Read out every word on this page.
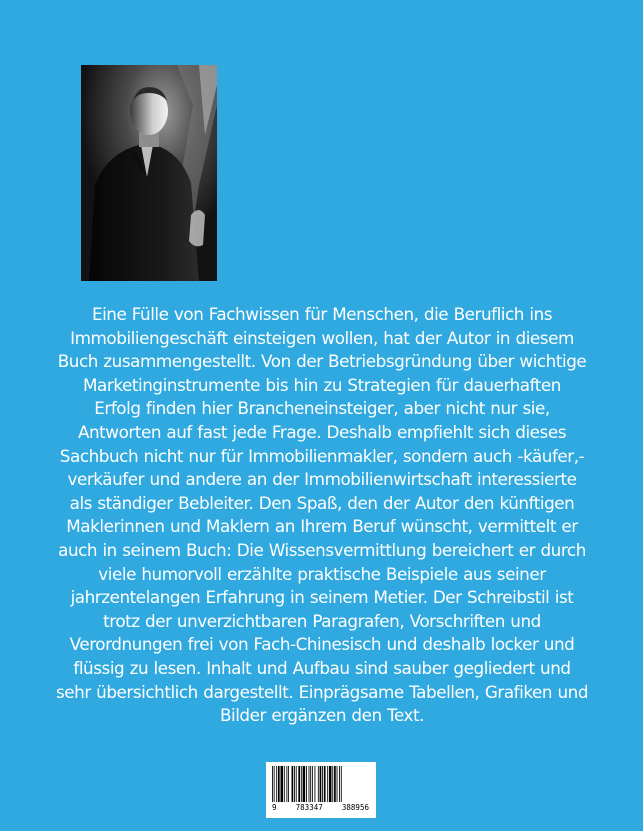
Eine Fülle von Fachwissen für Menschen, die Beruflich ins
Immobiliengeschäft einsteigen wollen, hat der Autor in diesem
Buch zusammengestellt. Von der Betriebsgründung über wichtige
Marketinginstrumente bis hin zu Strategien für dauerhaften
Erfolg finden hier Brancheneinsteiger, aber nicht nur sie,
Antworten auf fast jede Frage. Deshalb empfiehlt sich dieses
Sachbuch nicht nur für Immobilienmakler, sondern auch -käufer,-
verkäufer und andere an der Immobilienwirtschaft interessierte
als ständiger Bebleiter. Den Spaß, den der Autor den künftigen
Maklerinnen und Maklern an Ihrem Beruf wünscht, vermittelt er
auch in seinem Buch: Die Wissensvermittlung bereichert er durch
viele humorvoll erzählte praktische Beispiele aus seiner
jahrzentelangen Erfahrung in seinem Metier. Der Schreibstil ist
trotz der unverzichtbaren Paragrafen, Vorschriften und
Verordnungen frei von Fach-Chinesisch und deshalb locker und
flüssig zu lesen. Inhalt und Aufbau sind sauber gegliedert und
sehr übersichtlich dargestellt. Einprägsame Tabellen, Grafiken und
Bilder ergänzen den Text.
9	783347	388956
